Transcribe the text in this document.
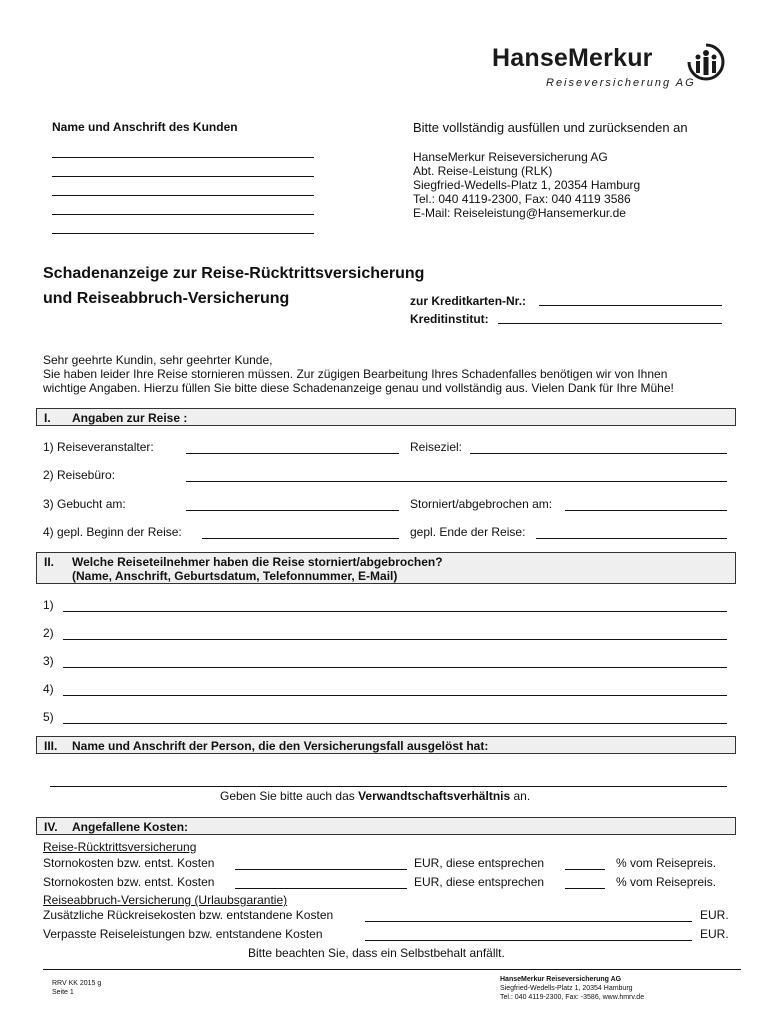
HanseMerkur
Reiseversicherung AG
Name und Anschrift des Kunden	Bitte vollständig ausfüllen und zurücksenden an
HanseMerkur Reiseversicherung AG
Abt. Reise-Leistung (RLK)
Siegfried-Wedells-Platz 1, 20354 Hamburg
Tel.: 040 4119-2300, Fax: 040 4119 3586
E-Mail: Reiseleistung@Hansemerkur.de
Schadenanzeige zur Reise-Rücktrittsversicherung
und Reiseabbruch-Versicherung	zur Kreditkarten-Nr.:
Kreditinstitut:
Sehr geehrte Kundin, sehr geehrter Kunde,
Sie haben leider Ihre Reise stornieren müssen. Zur zügigen Bearbeitung Ihres Schadenfalles benötigen wir von Ihnen
wichtige Angaben. Hierzu füllen Sie bitte diese Schadenanzeige genau und vollständig aus. Vielen Dank für Ihre Mühe!
I. Angaben zur Reise :
1) Reiseveranstalter:	Reiseziel:
2) Reisebüro:
3) Gebucht am:	Storniert/abgebrochen am:
4) gepl. Beginn der Reise:	gepl. Ende der Reise:
II. Welche Reiseteilnehmer haben die Reise storniert/abgebrochen?
(Name, Anschrift, Geburtsdatum, Telefonnummer, E-Mail)
1)
2)
3)
4)
5)
III. Name und Anschrift der Person, die den Versicherungsfall ausgelöst hat:
Geben Sie bitte auch das Verwandtschaftsverhältnis an.
IV. Angefallene Kosten:
Reise-Rücktrittsversicherung
Stornokosten bzw. entst. Kosten	EUR, diese entsprechen	% vom Reisepreis.
Stornokosten bzw. entst. Kosten	EUR, diese entsprechen	% vom Reisepreis.
Reiseabbruch-Versicherung (Urlaubsgarantie)
Zusätzliche Rückreisekosten bzw. entstandene Kosten	EUR.
Verpasste Reiseleistungen bzw. entstandene Kosten	EUR.
Bitte beachten Sie, dass ein Selbstbehalt anfällt.
RRV KK 2015 g
Seite 1
HanseMerkur Reiseversicherung AG
Siegfried-Wedells-Platz 1, 20354 Hamburg
Tel.: 040 4119-2300, Fax: -3586, www.hmrv.de
